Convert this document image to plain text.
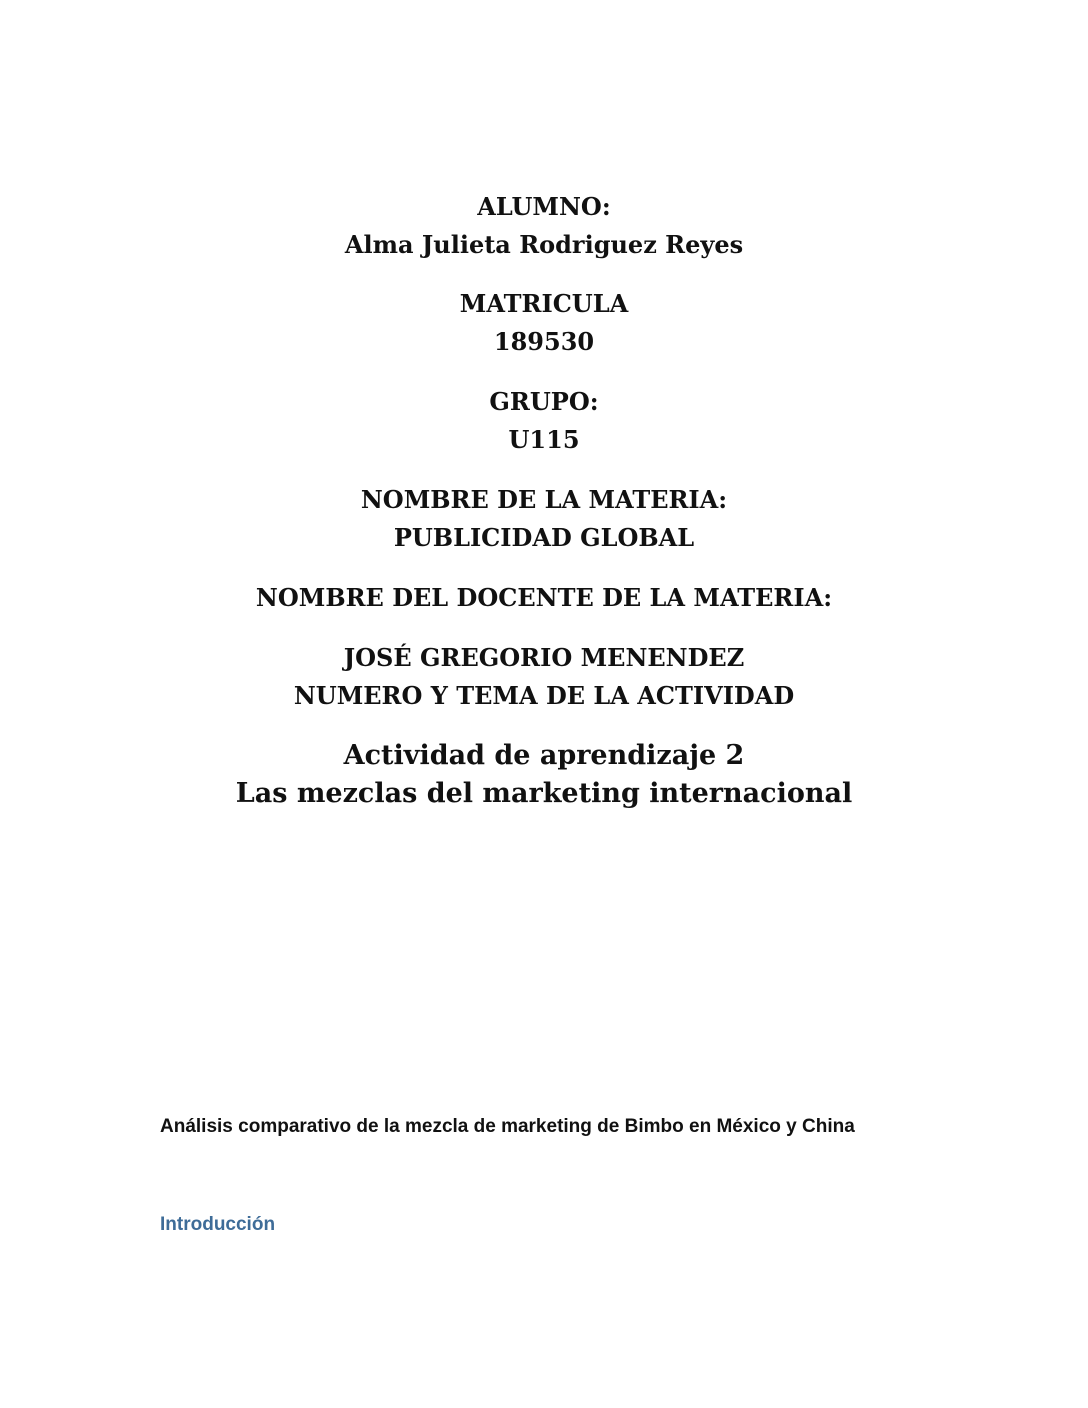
ALUMNO:
Alma Julieta Rodriguez Reyes
MATRICULA
189530
GRUPO:
U115
NOMBRE DE LA MATERIA:
PUBLICIDAD GLOBAL
NOMBRE DEL DOCENTE DE LA MATERIA:
JOSÉ GREGORIO MENENDEZ
NUMERO Y TEMA DE LA ACTIVIDAD
Actividad de aprendizaje 2
Las mezclas del marketing internacional
Análisis comparativo de la mezcla de marketing de Bimbo en México y China
Introducción
